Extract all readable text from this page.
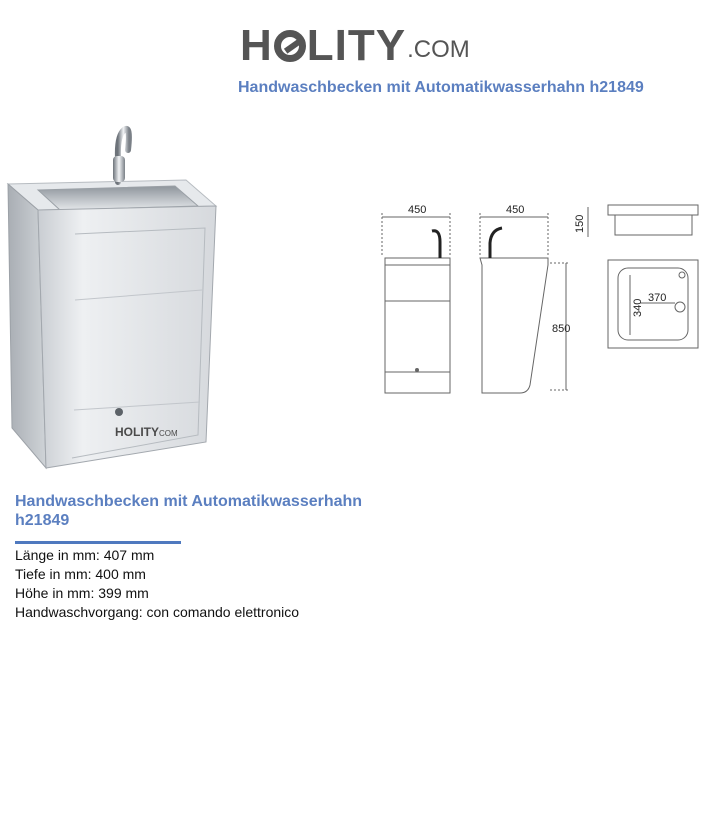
H LITY .COM
Handwaschbecken mit Automatikwasserhahn h21849
HOLITYCOM
450	450
850
150
370
340
Handwaschbecken mit Automatikwasserhahn
h21849
Länge in mm: 407 mm
Tiefe in mm: 400 mm
Höhe in mm: 399 mm
Handwaschvorgang: con comando elettronico
